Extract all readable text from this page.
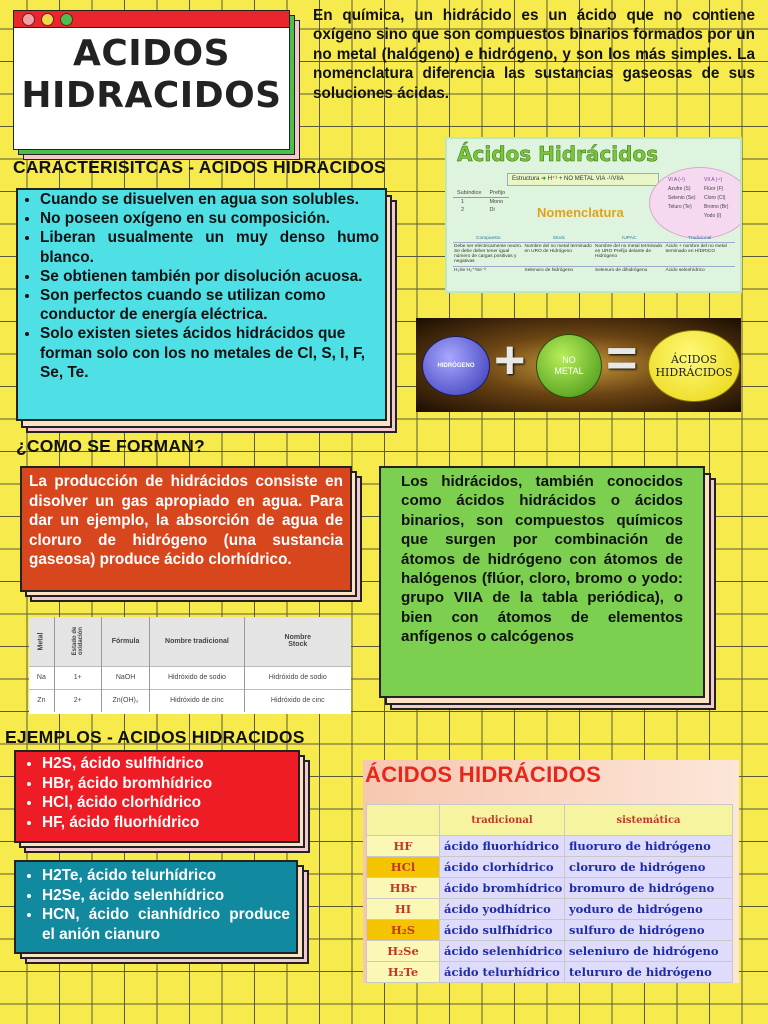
ACIDOS
HIDRACIDOS
En química, un hidrácido es un ácido que no contiene oxígeno sino que son compuestos binarios formados por un no metal (halógeno) e hidrógeno, y son los más simples. La nomenclatura diferencia las sustancias gaseosas de sus soluciones ácidas.
CARACTERISITCAS - ACIDOS HIDRACIDOS
• Cuando se disuelven en agua son solubles.
• No poseen oxígeno en su composición.
• Liberan usualmente un muy denso humo blanco.
• Se obtienen también por disolución acuosa.
• Son perfectos cuando se utilizan como conductor de energía eléctrica.
• Solo existen sietes ácidos hidrácidos que forman solo con los no metales de Cl, S, I, F, Se, Te.
Ácidos Hidrácidos
Estructura ➜ H⁺¹ + NO METAL VIA -¹/VIIA
Subíndice	Prefijo
1	Mono
2	Di
VI A (-²)
Azufre (S)
Selenio (Se)
Teluro (Te)
VII A (-¹)
Flúor (F)
Cloro (Cl)
Bromo (Br)
Yodo (I)
Nomenclatura
Compuesto	Stock	IUPAC	Tradicional
Debe ser eléctricamente neutro. Se debe deber tener igual número de cargas positivas y negativas	Nombre del no metal terminado en URO de Hidrógeno	Nombre del no metal terminado en URO Prefijo delante de Hidrógeno	Ácido + nombre del no metal terminado en HÍDRICO
H₂Se H₂⁺¹Se⁻²	Selenuro de hidrógeno	Selenuro de dihidrógeno	Ácido selenhídrico
HIDRÓGENO +	NO
METAL =	ÁCIDOS
HIDRÁCIDOS
¿COMO SE FORMAN?
La producción de hidrácidos consiste en disolver un gas apropiado en agua. Para dar un ejemplo, la absorción de agua de cloruro de hidrógeno (una sustancia gaseosa) produce ácido clorhídrico.
Los hidrácidos, también conocidos como ácidos hidrácidos o ácidos binarios, son compuestos químicos que surgen por combinación de átomos de hidrógeno con átomos de halógenos (flúor, cloro, bromo o yodo: grupo VIIA de la tabla periódica), o bien con átomos de elementos anfígenos o calcógenos
Metal	Estado de oxidación	Fórmula	Nombre tradicional	Nombre Stock
Na	1+	NaOH	Hidróxido de sodio	Hidróxido de sodio
Zn	2+	Zn(OH)₂	Hidróxido de cinc	Hidróxido de cinc
EJEMPLOS - ACIDOS HIDRACIDOS
• H2S, ácido sulfhídrico
• HBr, ácido bromhídrico
• HCl, ácido clorhídrico
• HF, ácido fluorhídrico
• H2Te, ácido telurhídrico
• H2Se, ácido selenhídrico
• HCN, ácido cianhídrico produce el anión cianuro
ÁCIDOS HIDRÁCIDOS
	tradicional	sistemática
HF	ácido fluorhídrico	fluoruro de hidrógeno
HCl	ácido clorhídrico	cloruro de hidrógeno
HBr	ácido bromhídrico	bromuro de hidrógeno
HI	ácido yodhídrico	yoduro de hidrógeno
H₂S	ácido sulfhídrico	sulfuro de hidrógeno
H₂Se	ácido selenhídrico	seleniuro de hidrógeno
H₂Te	ácido telurhídrico	telururo de hidrógeno
